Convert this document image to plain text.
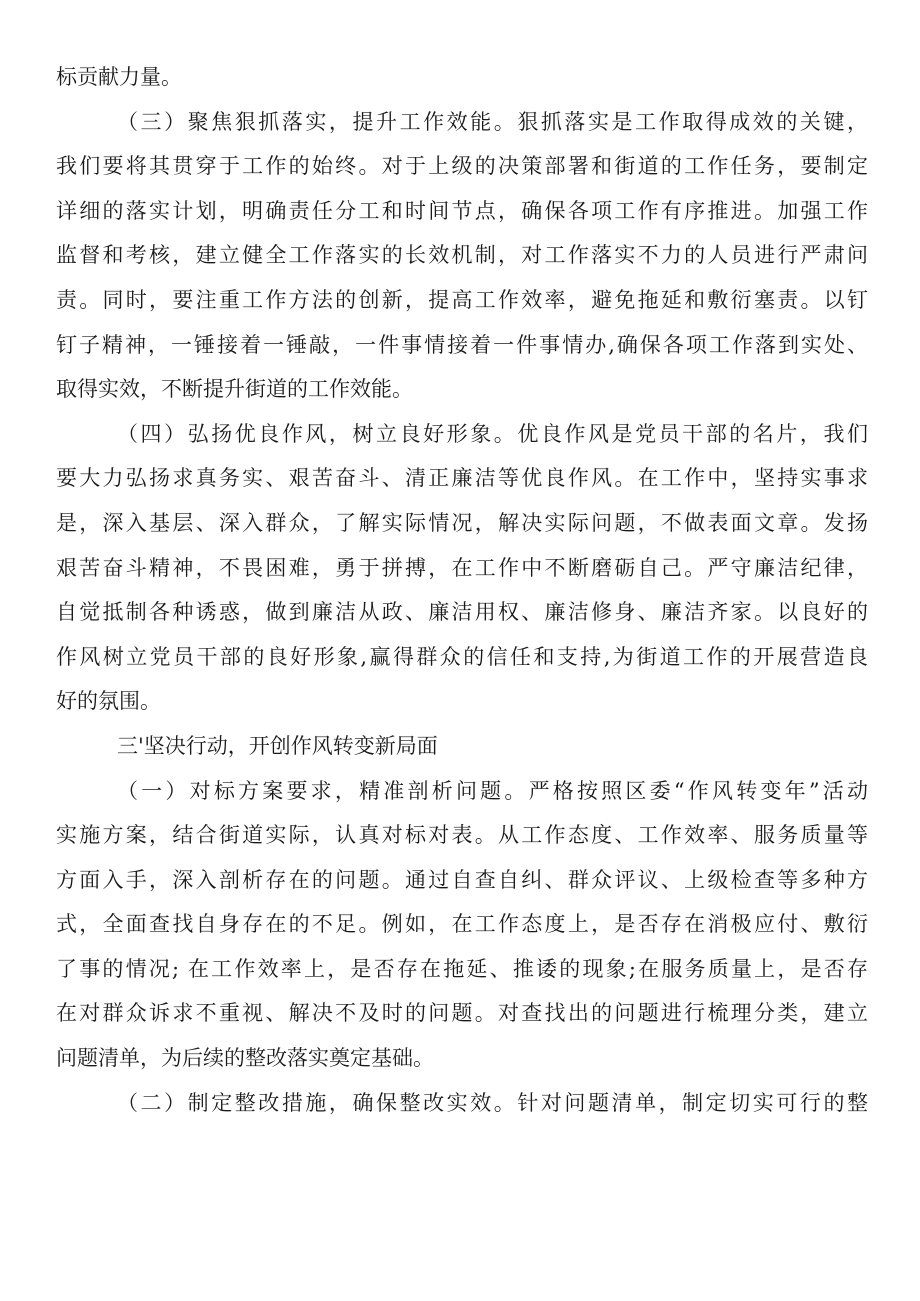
标贡献力量。
（三）聚焦狠抓落实，提升工作效能。狠抓落实是工作取得成效的关键，
我们要将其贯穿于工作的始终。对于上级的决策部署和街道的工作任务，要制定
详细的落实计划，明确责任分工和时间节点，确保各项工作有序推进。加强工作
监督和考核，建立健全工作落实的长效机制，对工作落实不力的人员进行严肃问
责。同时，要注重工作方法的创新，提高工作效率，避免拖延和敷衍塞责。以钉
钉子精神，一锤接着一锤敲，一件事情接着一件事情办,确保各项工作落到实处、
取得实效，不断提升街道的工作效能。
（四）弘扬优良作风，树立良好形象。优良作风是党员干部的名片，我们
要大力弘扬求真务实、艰苦奋斗、清正廉洁等优良作风。在工作中，坚持实事求
是，深入基层、深入群众，了解实际情况，解决实际问题，不做表面文章。发扬
艰苦奋斗精神，不畏困难，勇于拼搏，在工作中不断磨砺自己。严守廉洁纪律，
自觉抵制各种诱惑，做到廉洁从政、廉洁用权、廉洁修身、廉洁齐家。以良好的
作风树立党员干部的良好形象,赢得群众的信任和支持,为街道工作的开展营造良
好的氛围。
三'坚决行动，开创作风转变新局面
（一）对标方案要求，精准剖析问题。严格按照区委“作风转变年”活动
实施方案，结合街道实际，认真对标对表。从工作态度、工作效率、服务质量等
方面入手，深入剖析存在的问题。通过自查自纠、群众评议、上级检查等多种方
式，全面查找自身存在的不足。例如，在工作态度上，是否存在消极应付、敷衍
了事的情况; 在工作效率上，是否存在拖延、推诿的现象;在服务质量上，是否存
在对群众诉求不重视、解决不及时的问题。对查找出的问题进行梳理分类，建立
问题清单，为后续的整改落实奠定基础。
（二）制定整改措施，确保整改实效。针对问题清单，制定切实可行的整
